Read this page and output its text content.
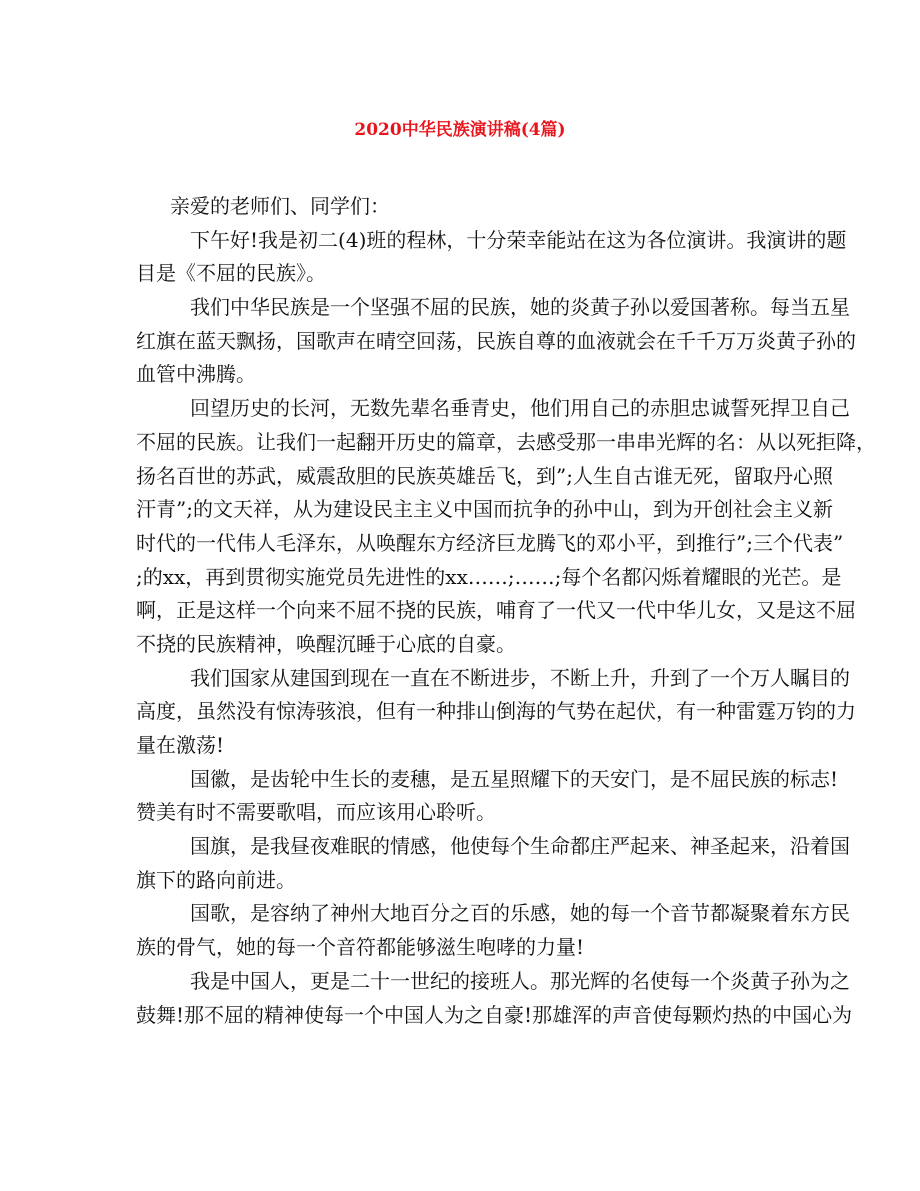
2020中华民族演讲稿(4篇)
亲爱的老师们、同学们：
下午好!我是初二(4)班的程林，十分荣幸能站在这为各位演讲。我演讲的题
目是《不屈的民族》。
我们中华民族是一个坚强不屈的民族，她的炎黄子孙以爱国著称。每当五星
红旗在蓝天飘扬，国歌声在晴空回荡，民族自尊的血液就会在千千万万炎黄子孙的
血管中沸腾。
回望历史的长河，无数先辈名垂青史，他们用自己的赤胆忠诚誓死捍卫自己
不屈的民族。让我们一起翻开历史的篇章，去感受那一串串光辉的名：从以死拒降，
扬名百世的苏武，威震敌胆的民族英雄岳飞，到”;人生自古谁无死，留取丹心照
汗青”;的文天祥，从为建设民主主义中国而抗争的孙中山，到为开创社会主义新
时代的一代伟人毛泽东，从唤醒东方经济巨龙腾飞的邓小平，到推行”;三个代表”
;的xx，再到贯彻实施党员先进性的xx……;……;每个名都闪烁着耀眼的光芒。是
啊，正是这样一个向来不屈不挠的民族，哺育了一代又一代中华儿女，又是这不屈
不挠的民族精神，唤醒沉睡于心底的自豪。
我们国家从建国到现在一直在不断进步，不断上升，升到了一个万人瞩目的
高度，虽然没有惊涛骇浪，但有一种排山倒海的气势在起伏，有一种雷霆万钧的力
量在激荡!
国徽，是齿轮中生长的麦穗，是五星照耀下的天安门，是不屈民族的标志!
赞美有时不需要歌唱，而应该用心聆听。
国旗，是我昼夜难眠的情感，他使每个生命都庄严起来、神圣起来，沿着国
旗下的路向前进。
国歌，是容纳了神州大地百分之百的乐感，她的每一个音节都凝聚着东方民
族的骨气，她的每一个音符都能够滋生咆哮的力量!
我是中国人，更是二十一世纪的接班人。那光辉的名使每一个炎黄子孙为之
鼓舞!那不屈的精神使每一个中国人为之自豪!那雄浑的声音使每颗灼热的中国心为
